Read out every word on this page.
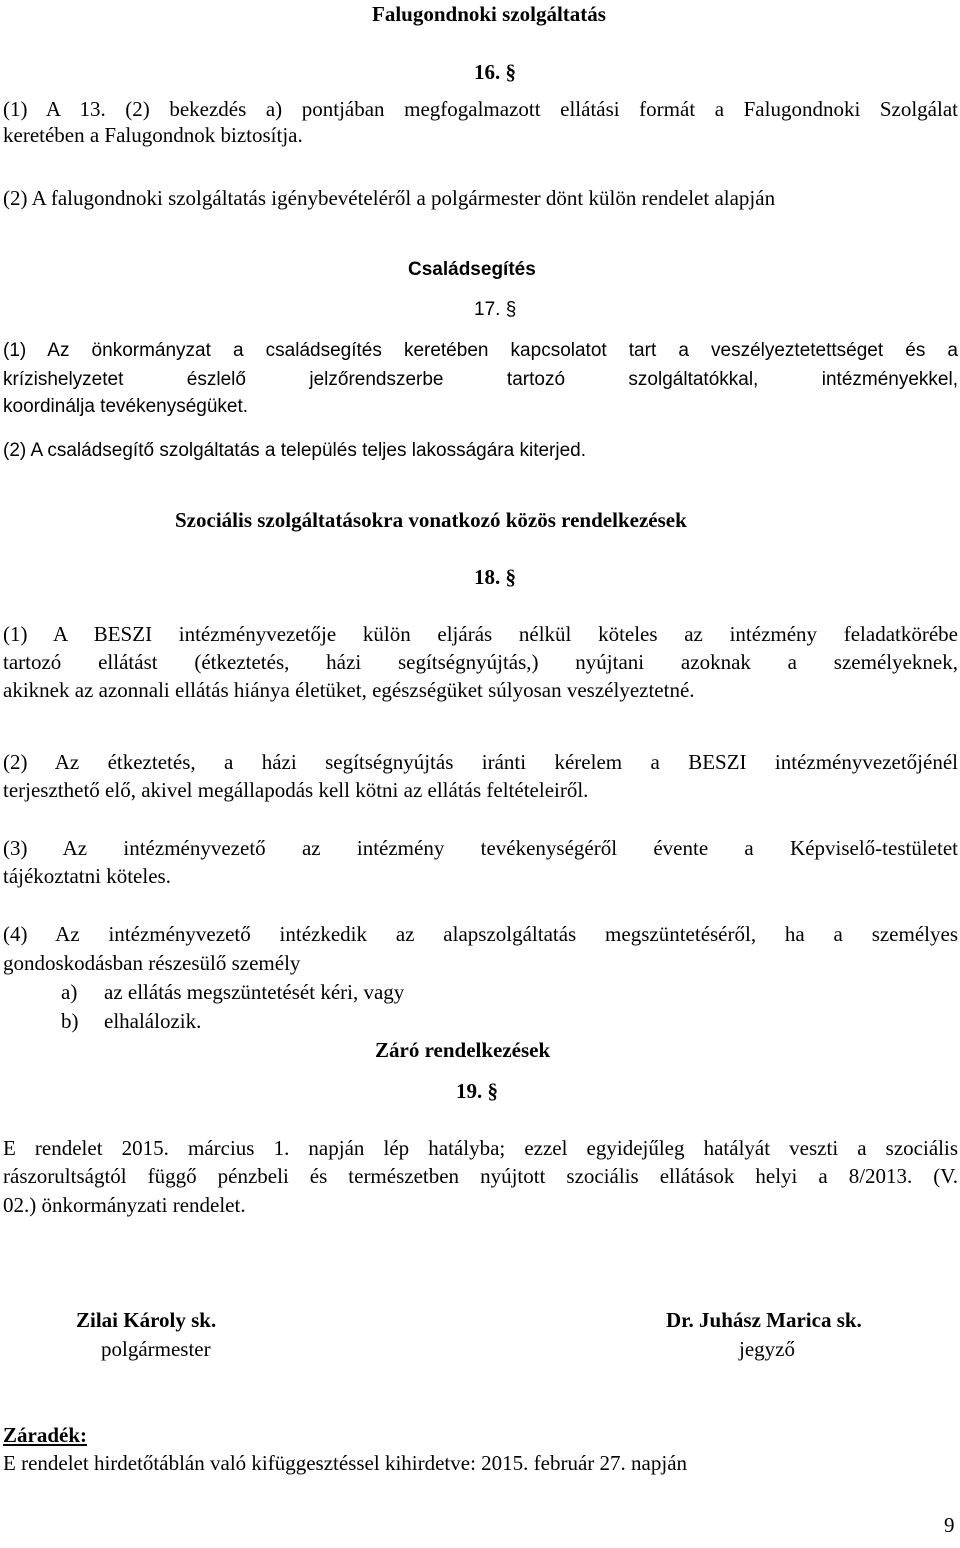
Falugondnoki szolgáltatás
16. §
(1) A 13. (2) bekezdés a) pontjában megfogalmazott ellátási formát a Falugondnoki Szolgálat
keretében a Falugondnok biztosítja.
(2) A falugondnoki szolgáltatás igénybevételéről a polgármester dönt külön rendelet alapján
Családsegítés
17. §
(1) Az önkormányzat a családsegítés keretében kapcsolatot tart a veszélyeztetettséget és a
krízishelyzetet észlelő jelzőrendszerbe tartozó szolgáltatókkal, intézményekkel,
koordinálja tevékenységüket.
(2) A családsegítő szolgáltatás a település teljes lakosságára kiterjed.
Szociális szolgáltatásokra vonatkozó közös rendelkezések
18. §
(1) A BESZI intézményvezetője külön eljárás nélkül köteles az intézmény feladatkörébe
tartozó ellátást (étkeztetés, házi segítségnyújtás,) nyújtani azoknak a személyeknek,
akiknek az azonnali ellátás hiánya életüket, egészségüket súlyosan veszélyeztetné.
(2) Az étkeztetés, a házi segítségnyújtás iránti kérelem a BESZI intézményvezetőjénél
terjeszthető elő, akivel megállapodás kell kötni az ellátás feltételeiről.
(3) Az intézményvezető az intézmény tevékenységéről évente a Képviselő-testületet
tájékoztatni köteles.
(4) Az intézményvezető intézkedik az alapszolgáltatás megszüntetéséről, ha a személyes
gondoskodásban részesülő személy
a) az ellátás megszüntetését kéri, vagy
b) elhalálozik.
Záró rendelkezések
19. §
E rendelet 2015. március 1. napján lép hatályba; ezzel egyidejűleg hatályát veszti a szociális
rászorultságtól függő pénzbeli és természetben nyújtott szociális ellátások helyi a 8/2013. (V.
02.) önkormányzati rendelet.
Zilai Károly sk.
polgármester
Dr. Juhász Marica sk.
jegyző
Záradék:
E rendelet hirdetőtáblán való kifüggesztéssel kihirdetve: 2015. február 27. napján
9
